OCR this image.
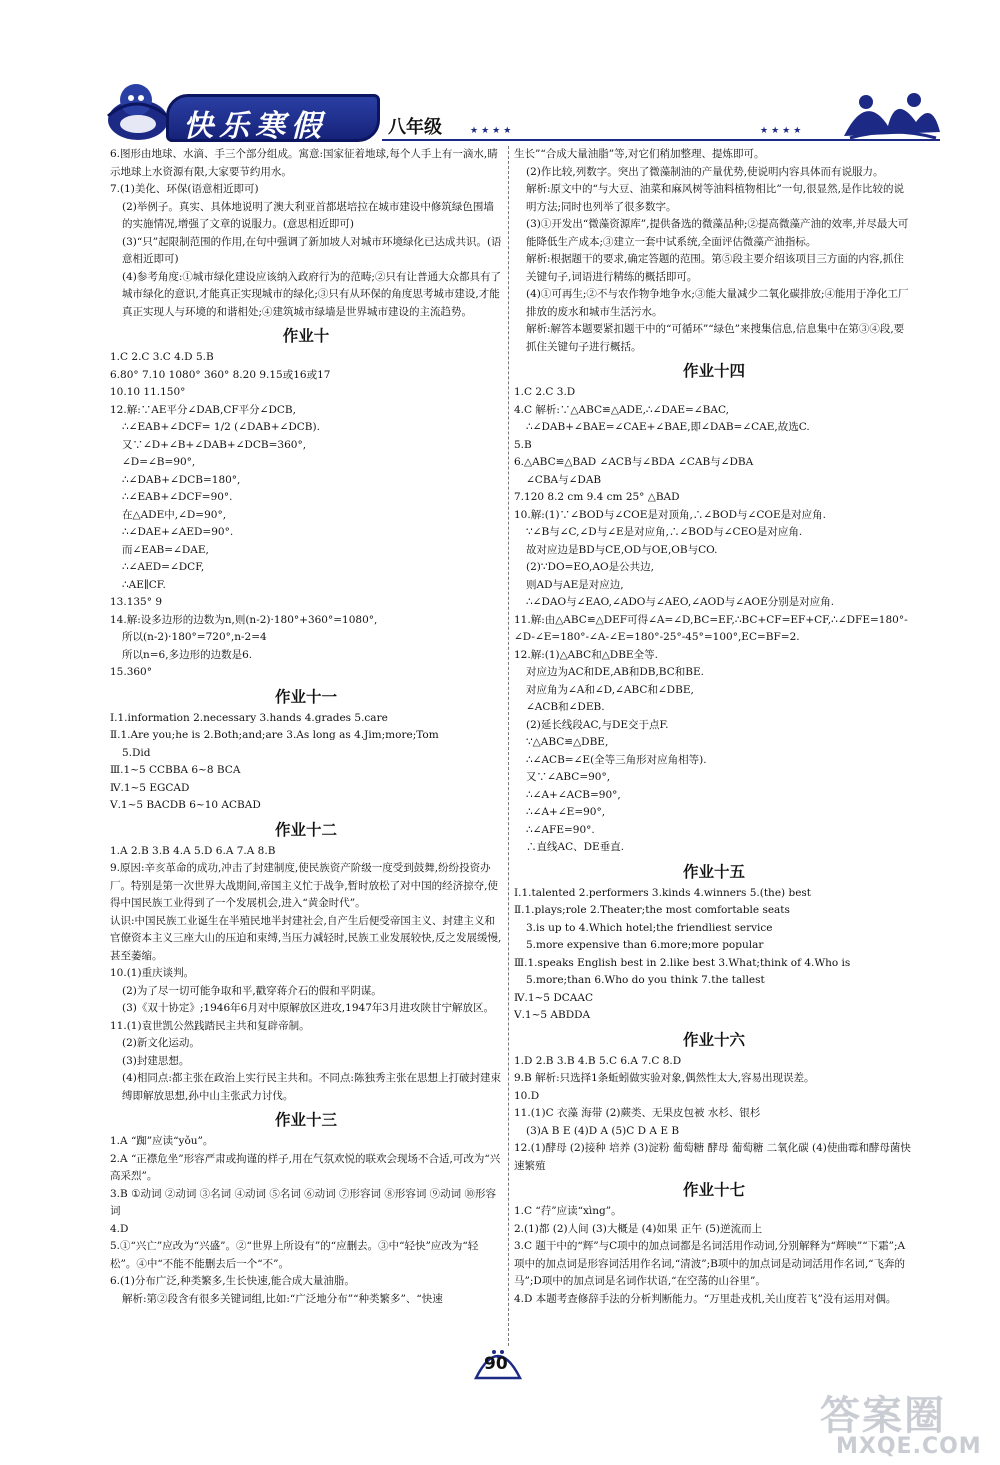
快乐寒假	八年级	★★★★	★★★★

6.图形由地球、水滴、手三个部分组成。寓意:国家征着地球,每个人手上有一滴水,睛示地球上水资源有限,大家要节约用水。

7.(1)美化、环保(语意相近即可)

(2)举例子。真实、具体地说明了澳大利亚首都堪培拉在城市建设中修筑绿色围墙的实施情况,增强了文章的说服力。(意思相近即可)

(3)“只”起限制范围的作用,在句中强调了新加坡人对城市环境绿化已达成共识。(语意相近即可)

(4)参考角度:①城市绿化建设应该纳入政府行为的范畴;②只有让普通大众都具有了城市绿化的意识,才能真正实现城市的绿化;③只有从环保的角度思考城市建设,才能真正实现人与环境的和谐相处;④建筑城市绿墙是世界城市建设的主流趋势。

作业十

1.C 2.C 3.C 4.D 5.B

6.80° 7.10 1080° 360° 8.20 9.15或16或17

10.10 11.150°

12.解:∵AE平分∠DAB,CF平分∠DCB,

∴∠EAB+∠DCF= 1/2 (∠DAB+∠DCB).

又∵∠D+∠B+∠DAB+∠DCB=360°,

∠D=∠B=90°,

∴∠DAB+∠DCB=180°,

∴∠EAB+∠DCF=90°.

在△ADE中,∠D=90°,

∴∠DAE+∠AED=90°.

而∠EAB=∠DAE,

∴∠AED=∠DCF,

∴AE∥CF.

13.135° 9

14.解:设多边形的边数为n,则(n-2)·180°+360°=1080°,

所以(n-2)·180°=720°,n-2=4

所以n=6,多边形的边数是6.

15.360°

作业十一

Ⅰ.1.information 2.necessary 3.hands 4.grades 5.care

Ⅱ.1.Are you;he is 2.Both;and;are 3.As long as 4.Jim;more;Tom

5.Did

Ⅲ.1~5 CCBBA 6~8 BCA

Ⅳ.1~5 EGCAD

Ⅴ.1~5 BACDB 6~10 ACBAD

作业十二

1.A 2.B 3.B 4.A 5.D 6.A 7.A 8.B

9.原因:辛亥革命的成功,冲击了封建制度,使民族资产阶级一度受到鼓舞,纷纷投资办厂。特别是第一次世界大战期间,帝国主义忙于战争,暂时放松了对中国的经济掠夺,使得中国民族工业得到了一个发展机会,进入“黄金时代”。

认识:中国民族工业诞生在半殖民地半封建社会,自产生后便受帝国主义、封建主义和官僚资本主义三座大山的压迫和束缚,当压力减轻时,民族工业发展较快,反之发展缓慢,甚至萎缩。

10.(1)重庆谈判。

(2)为了尽一切可能争取和平,戳穿蒋介石的假和平阴谋。

(3)《双十协定》;1946年6月对中原解放区进攻,1947年3月进攻陕甘宁解放区。

11.(1)袁世凯公然践踏民主共和复辟帝制。

(2)新文化运动。

(3)封建思想。

(4)相同点:都主张在政治上实行民主共和。不同点:陈独秀主张在思想上打破封建束缚即解放思想,孙中山主张武力讨伐。

作业十三

1.A “踟”应读“yǒu”。

2.A “正襟危坐”形容严肃或拘谨的样子,用在气氛欢悦的联欢会现场不合适,可改为“兴高采烈”。

3.B ①动词 ②动词 ③名词 ④动词 ⑤名词 ⑥动词 ⑦形容词 ⑧形容词 ⑨动词 ⑩形容词

4.D

5.①“兴亡”应改为“兴盛”。②“世界上所设有”的“应删去。③中“轻快”应改为“轻松”。④中“不能不能删去后一个“不”。

6.(1)分布广泛,种类繁多,生长快速,能合成大量油脂。

解析:第②段含有很多关键词组,比如:“广泛地分布”“种类繁多”、“快速

生长”“合成大量油脂”等,对它们稍加整理、提炼即可。

(2)作比较,列数字。突出了微藻制油的产量优势,使说明内容具体而有说服力。

解析:原文中的“与大豆、油菜和麻风树等油料植物相比”一句,很显然,是作比较的说明方法;同时也列举了很多数字。

(3)①开发出“微藻资源库”,提供备选的微藻品种;②提高微藻产油的效率,并尽最大可能降低生产成本;③建立一套中试系统,全面评估微藻产油指标。

解析:根据题干的要求,确定答题的范围。第⑤段主要介绍该项目三方面的内容,抓住关键句子,词语进行精练的概括即可。

(4)①可再生;②不与农作物争地争水;③能大量减少二氧化碳排放;④能用于净化工厂排放的废水和城市生活污水。

解析:解答本题要紧扣题干中的“可循环”“绿色”来搜集信息,信息集中在第③④段,要抓住关键句子进行概括。

作业十四

1.C 2.C 3.D

4.C 解析:∵△ABC≌△ADE,∴∠DAE=∠BAC,

∴∠DAB+∠BAE=∠CAE+∠BAE,即∠DAB=∠CAE,故选C.

5.B

6.△ABC≌△BAD ∠ACB与∠BDA ∠CAB与∠DBA

∠CBA与∠DAB

7.120 8.2 cm 9.4 cm 25° △BAD

10.解:(1)∵∠BOD与∠COE是对顶角,∴∠BOD与∠COE是对应角.

∵∠B与∠C,∠D与∠E是对应角,∴∠BOD与∠CEO是对应角.

故对应边是BD与CE,OD与OE,OB与CO.

(2)∵DO=EO,AO是公共边,

则AD与AE是对应边,

∴∠DAO与∠EAO,∠ADO与∠AEO,∠AOD与∠AOE分别是对应角.

11.解:由△ABC≌△DEF可得∠A=∠D,BC=EF,∴BC+CF=EF+CF,∴∠DFE=180°-∠D-∠E=180°-∠A-∠E=180°-25°-45°=100°,EC=BF=2.

12.解:(1)△ABC和△DBE全等.

对应边为AC和DE,AB和DB,BC和BE.

对应角为∠A和∠D,∠ABC和∠DBE,

∠ACB和∠DEB.

(2)延长线段AC,与DE交于点F.

∵△ABC≌△DBE,

∴∠ACB=∠E(全等三角形对应角相等).

又∵∠ABC=90°,

∴∠A+∠ACB=90°,

∴∠A+∠E=90°,

∴∠AFE=90°.

∴直线AC、DE垂直.

作业十五

Ⅰ.1.talented 2.performers 3.kinds 4.winners 5.(the) best

Ⅱ.1.plays;role 2.Theater;the most comfortable seats

3.is up to 4.Which hotel;the friendliest service

5.more expensive than 6.more;more popular

Ⅲ.1.speaks English best in 2.like best 3.What;think of 4.Who is

5.more;than 6.Who do you think 7.the tallest

Ⅳ.1~5 DCAAC

Ⅴ.1~5 ABDDA

作业十六

1.D 2.B 3.B 4.B 5.C 6.A 7.C 8.D

9.B 解析:只选择1条蚯蚓做实验对象,偶然性太大,容易出现误差。

10.D

11.(1)C 衣藻 海带 (2)蕨类、无果皮包被 水杉、银杉

(3)A B E (4)D A (5)C D A E B

12.(1)酵母 (2)接种 培养 (3)淀粉 葡萄糖 酵母 葡萄糖 二氧化碳 (4)使曲霉和酵母菌快速繁殖

作业十七

1.C “荇”应读“xìng”。

2.(1)都 (2)人间 (3)大概是 (4)如果 正午 (5)逆流而上

3.C 题干中的“辉”与C项中的加点词都是名词活用作动词,分别解释为“辉映”“下霜”;A项中的加点词是形容词活用作名词,“清波”;B项中的加点词是动词活用作名词,“飞奔的马”;D项中的加点词是名词作状语,“在空荡的山谷里”。

4.D 本题考查修辞手法的分析判断能力。“万里赴戎机,关山度若飞”没有运用对偶。

90
答案圈
MXQE.COM
